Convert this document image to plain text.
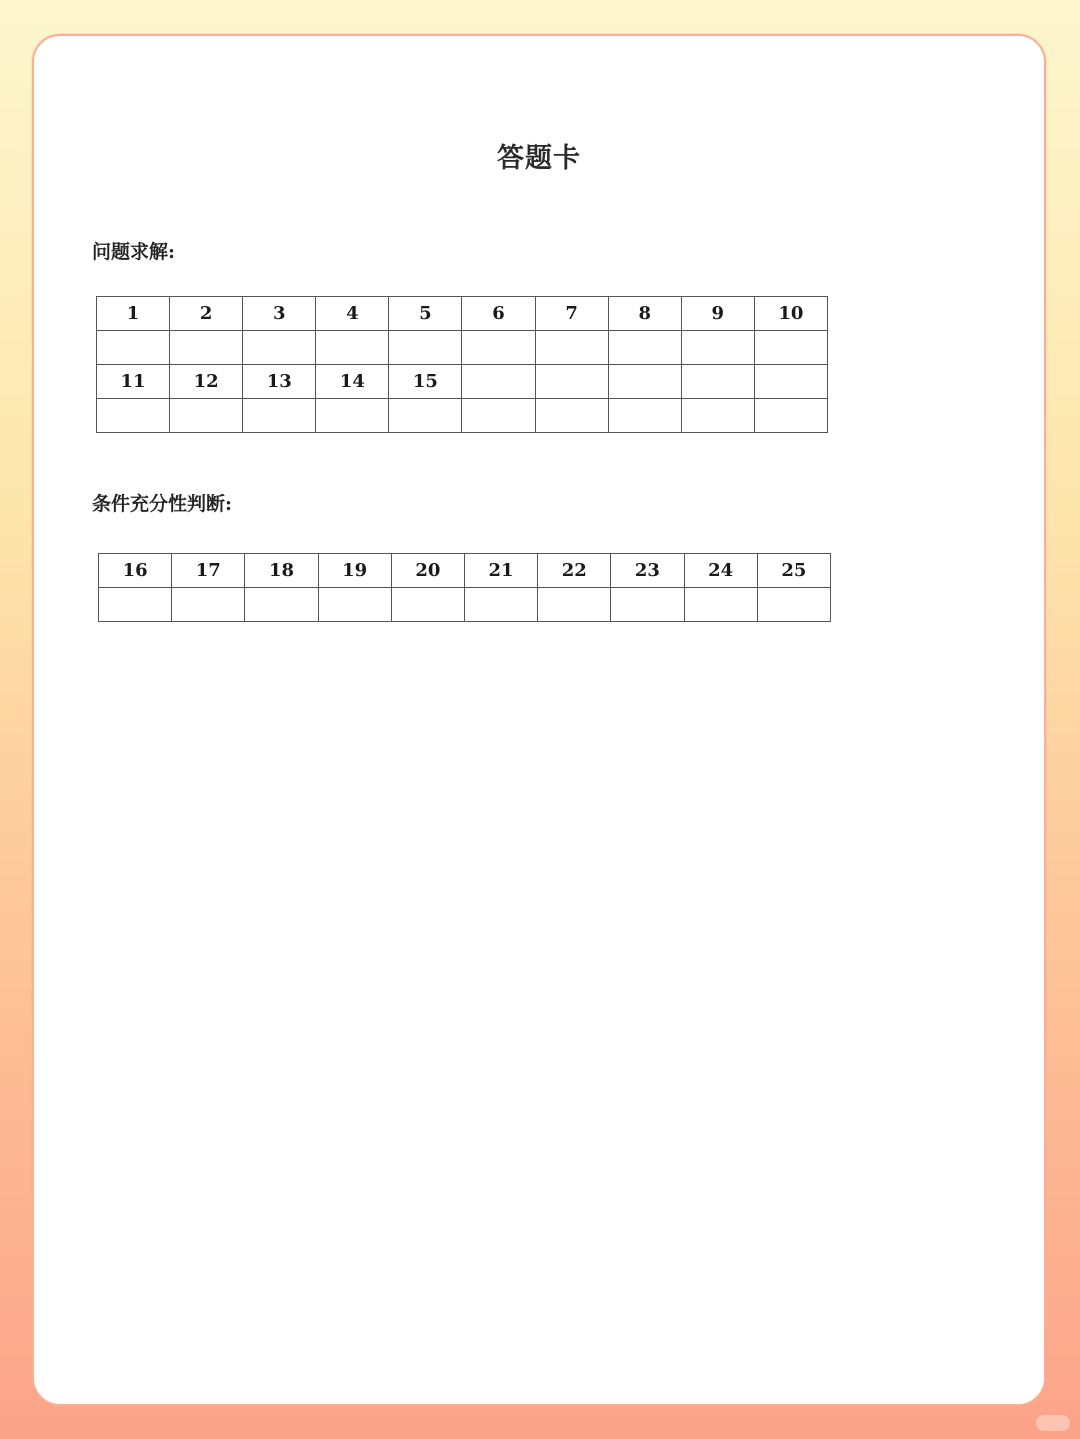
答题卡
问题求解:
1	2	3	4	5	6	7	8	9	10

11	12	13	14	15					

条件充分性判断:
16	17	18	19	20	21	22	23	24	25
